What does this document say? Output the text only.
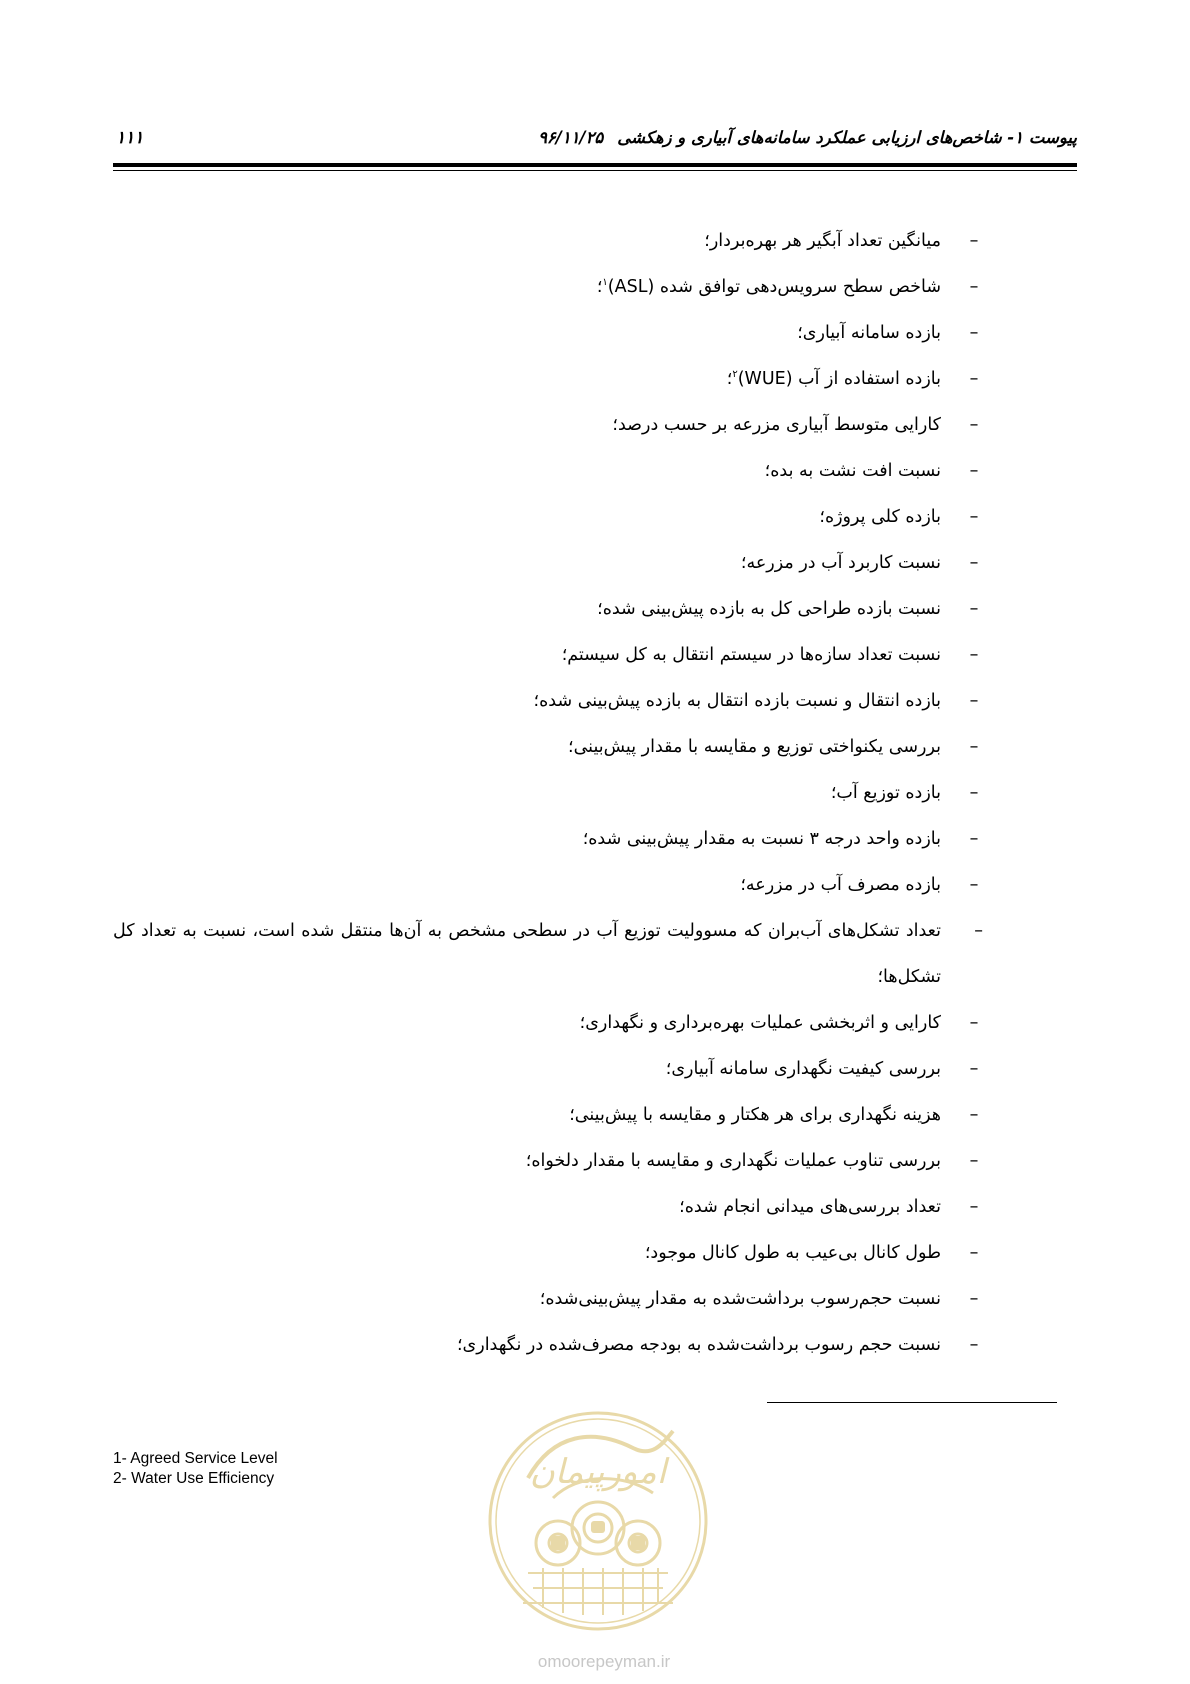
پیوست ۱- شاخص‌های ارزیابی عملکرد سامانه‌های آبیاری و زهکشی۹۶/۱۱/۲۵
۱۱۱
–
میانگین تعداد آبگیر هر بهره‌بردار؛
–
شاخص سطح سرویس‌دهی توافق شده (ASL)$^۱$؛
–
بازده سامانه آبیاری؛
–
بازده استفاده از آب (WUE)$^۲$؛
–
کارایی متوسط آبیاری مزرعه بر حسب درصد؛
–
نسبت افت نشت به بده؛
–
بازده کلی پروژه؛
–
نسبت کاربرد آب در مزرعه؛
–
نسبت بازده طراحی کل به بازده پیش‌بینی شده؛
–
نسبت تعداد سازه‌ها در سیستم انتقال به کل سیستم؛
–
بازده انتقال و نسبت بازده انتقال به بازده پیش‌بینی شده؛
–
بررسی یکنواختی توزیع و مقایسه با مقدار پیش‌بینی؛
–
بازده توزیع آب؛
–
بازده واحد درجه ۳ نسبت به مقدار پیش‌بینی شده؛
–
بازده مصرف آب در مزرعه؛
–
تعداد تشکل‌های آب‌بران که مسوولیت توزیع آب در سطحی مشخص به آن‌ها منتقل شده است، نسبت به تعداد کل تشکل‌ها؛
–
کارایی و اثربخشی عملیات بهره‌برداری و نگهداری؛
–
بررسی کیفیت نگهداری سامانه آبیاری؛
–
هزینه نگهداری برای هر هکتار و مقایسه با پیش‌بینی؛
–
بررسی تناوب عملیات نگهداری و مقایسه با مقدار دلخواه؛
–
تعداد بررسی‌های میدانی انجام شده؛
–
طول کانال بی‌عیب به طول کانال موجود؛
–
نسبت حجم‌رسوب برداشت‌شده به مقدار پیش‌بینی‌شده؛
–
نسبت حجم رسوب برداشت‌شده به بودجه مصرف‌شده در نگهداری؛
امورپیمان
omoorepeyman.ir
1- Agreed Service Level
2- Water Use Efficiency
